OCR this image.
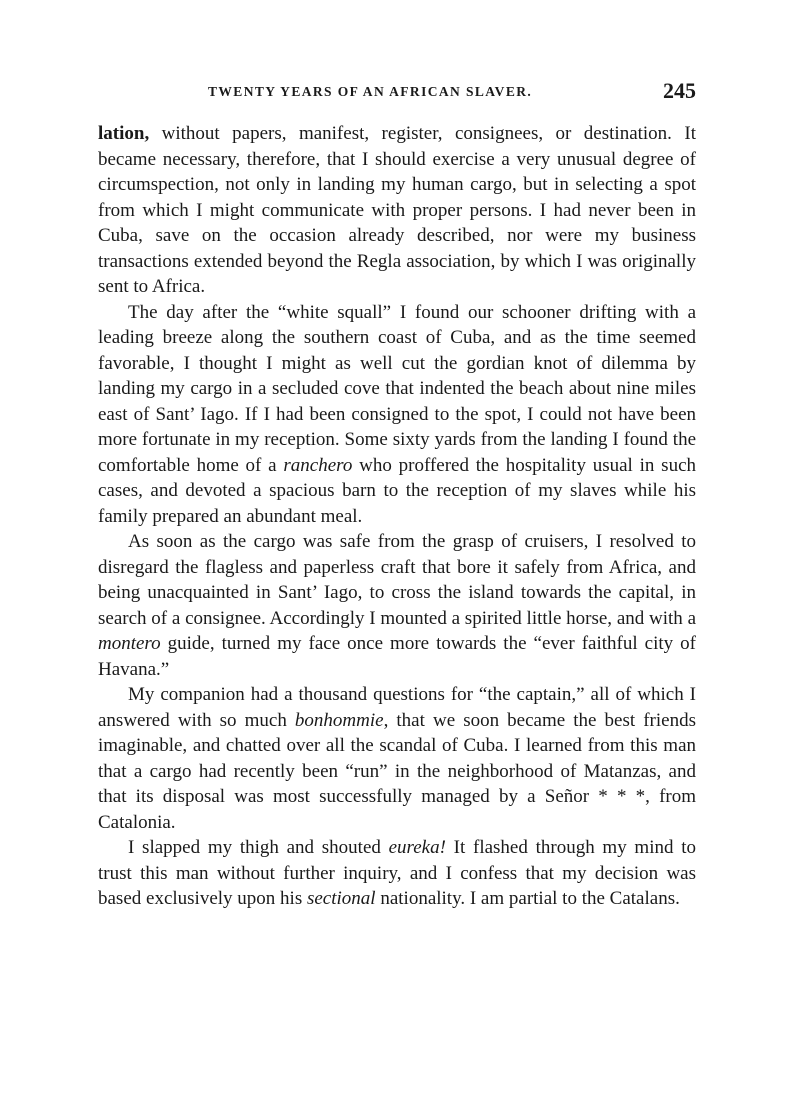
TWENTY YEARS OF AN AFRICAN SLAVER.	245

lation, without papers, manifest, register, consignees, or destination. It became necessary, therefore, that I should exercise a very unusual degree of circumspection, not only in landing my human cargo, but in selecting a spot from which I might communicate with proper persons. I had never been in Cuba, save on the occasion already described, nor were my business transactions extended beyond the Regla association, by which I was originally sent to Africa.

The day after the “white squall” I found our schooner drifting with a leading breeze along the southern coast of Cuba, and as the time seemed favorable, I thought I might as well cut the gordian knot of dilemma by landing my cargo in a secluded cove that indented the beach about nine miles east of Sant’ Iago. If I had been consigned to the spot, I could not have been more fortunate in my reception. Some sixty yards from the landing I found the comfortable home of a ranchero who proffered the hospitality usual in such cases, and devoted a spacious barn to the reception of my slaves while his family prepared an abundant meal.

As soon as the cargo was safe from the grasp of cruisers, I resolved to disregard the flagless and paperless craft that bore it safely from Africa, and being unacquainted in Sant’ Iago, to cross the island towards the capital, in search of a consignee. Accordingly I mounted a spirited little horse, and with a montero guide, turned my face once more towards the “ever faithful city of Havana.”

My companion had a thousand questions for “the captain,” all of which I answered with so much bonhommie, that we soon became the best friends imaginable, and chatted over all the scandal of Cuba. I learned from this man that a cargo had recently been “run” in the neighborhood of Matanzas, and that its disposal was most successfully managed by a Señor * * *, from Catalonia.

I slapped my thigh and shouted eureka! It flashed through my mind to trust this man without further inquiry, and I confess that my decision was based exclusively upon his sectional nationality. I am partial to the Catalans.
